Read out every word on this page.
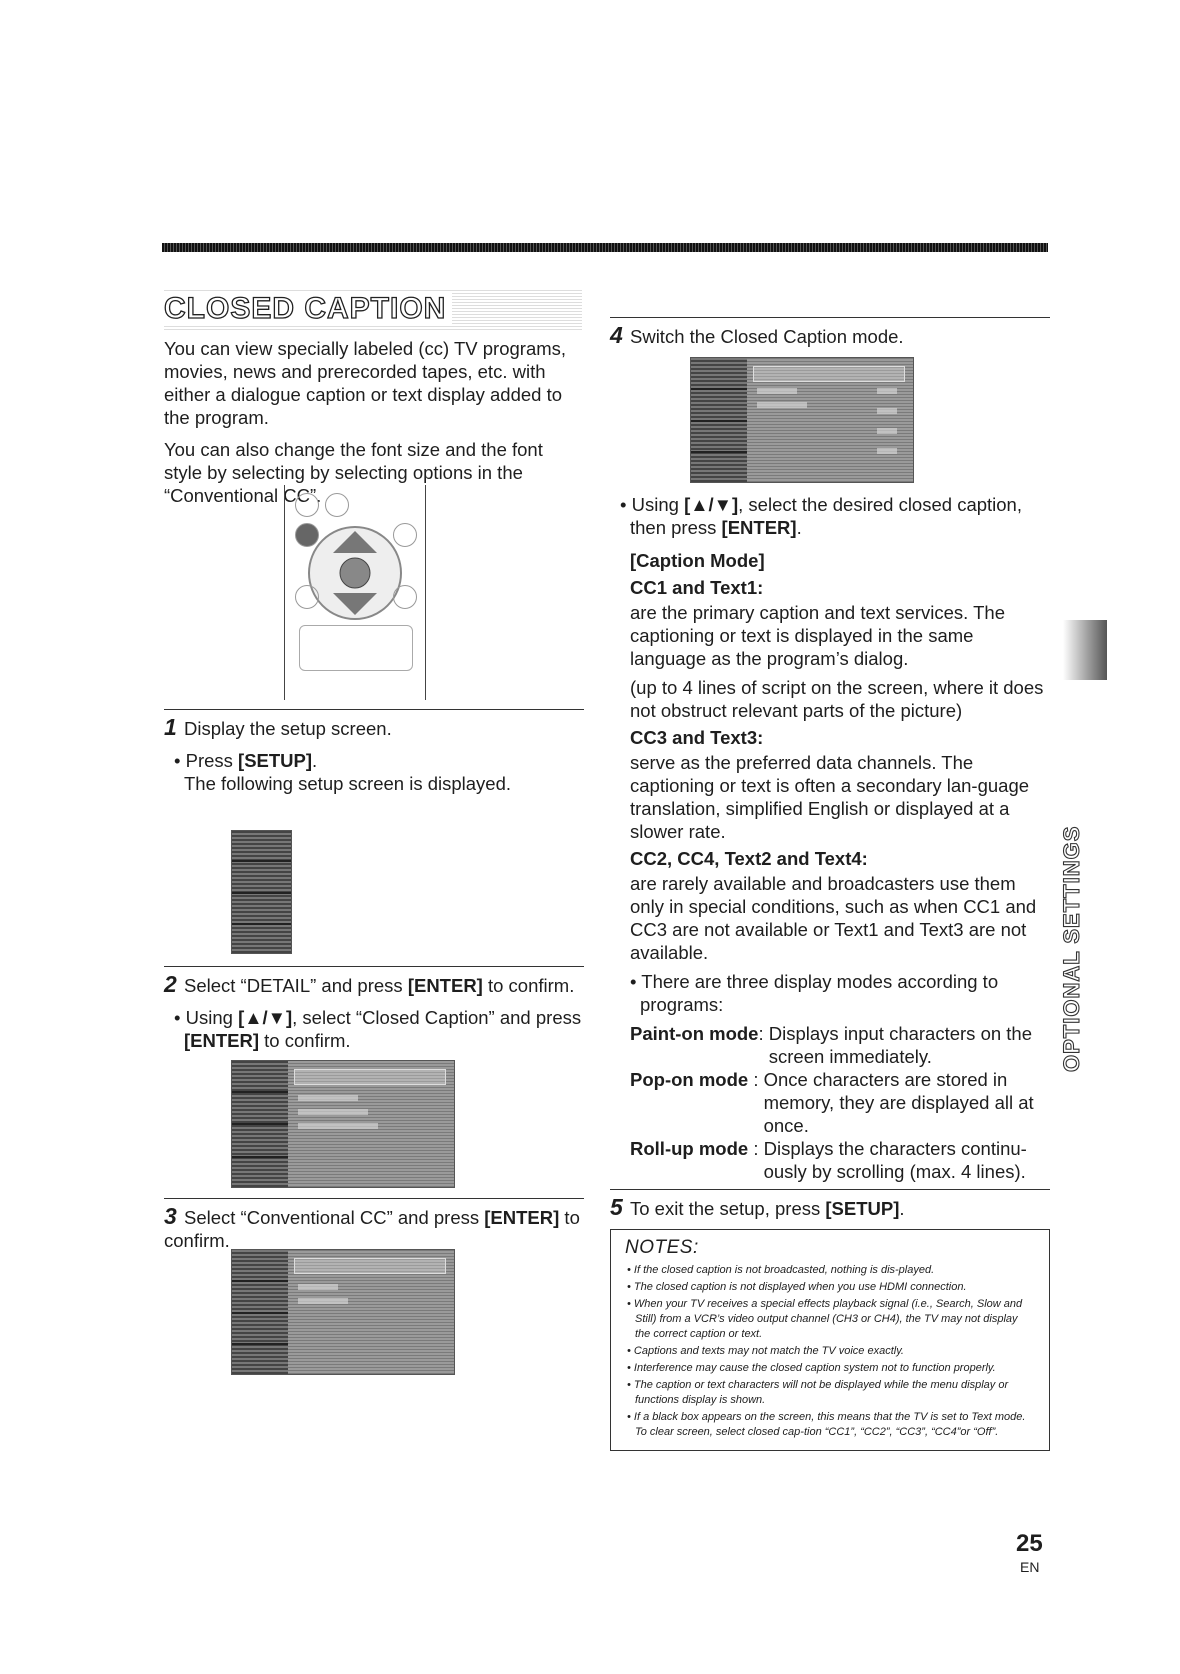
CLOSED CAPTION

You can view specially labeled (cc) TV programs, movies, news and prerecorded tapes, etc. with either a dialogue caption or text display added to the program.

You can also change the font size and the font style by selecting by selecting options in the “Conventional CC”.

1 Display the setup screen.

• Press [SETUP].
The following setup screen is displayed.

2 Select “DETAIL” and press [ENTER] to confirm.

• Using [▲/▼], select “Closed Caption” and press [ENTER] to confirm.

3 Select “Conventional CC” and press [ENTER] to confirm.

4 Switch the Closed Caption mode.

• Using [▲/▼], select the desired closed caption, then press [ENTER].
[Caption Mode]
CC1 and Text1:

are the primary caption and text services. The captioning or text is displayed in the same language as the program’s dialog.

(up to 4 lines of script on the screen, where it does not obstruct relevant parts of the picture)

CC3 and Text3:

serve as the preferred data channels. The captioning or text is often a secondary lan-guage translation, simplified English or displayed at a slower rate.

CC2, CC4, Text2 and Text4:

are rarely available and broadcasters use them only in special conditions, such as when CC1 and CC3 are not available or Text1 and Text3 are not available.

• There are three display modes according to programs:
Paint-on mode : Displays input characters on the screen immediately.
Pop-on mode : Once characters are stored in memory, they are displayed all at once.
Roll-up mode : Displays the characters continu-ously by scrolling (max. 4 lines).

5 To exit the setup, press [SETUP].

NOTES:
• If the closed caption is not broadcasted, nothing is dis-played.
• The closed caption is not displayed when you use HDMI connection.
• When your TV receives a special effects playback signal (i.e., Search, Slow and Still) from a VCR’s video output channel (CH3 or CH4), the TV may not display the correct caption or text.
• Captions and texts may not match the TV voice exactly.
• Interference may cause the closed caption system not to function properly.
• The caption or text characters will not be displayed while the menu display or functions display is shown.
• If a black box appears on the screen, this means that the TV is set to Text mode. To clear screen, select closed cap-tion “CC1”, “CC2”, “CC3”, “CC4”or “Off”.
OPTIONAL SETTINGS
25
EN
